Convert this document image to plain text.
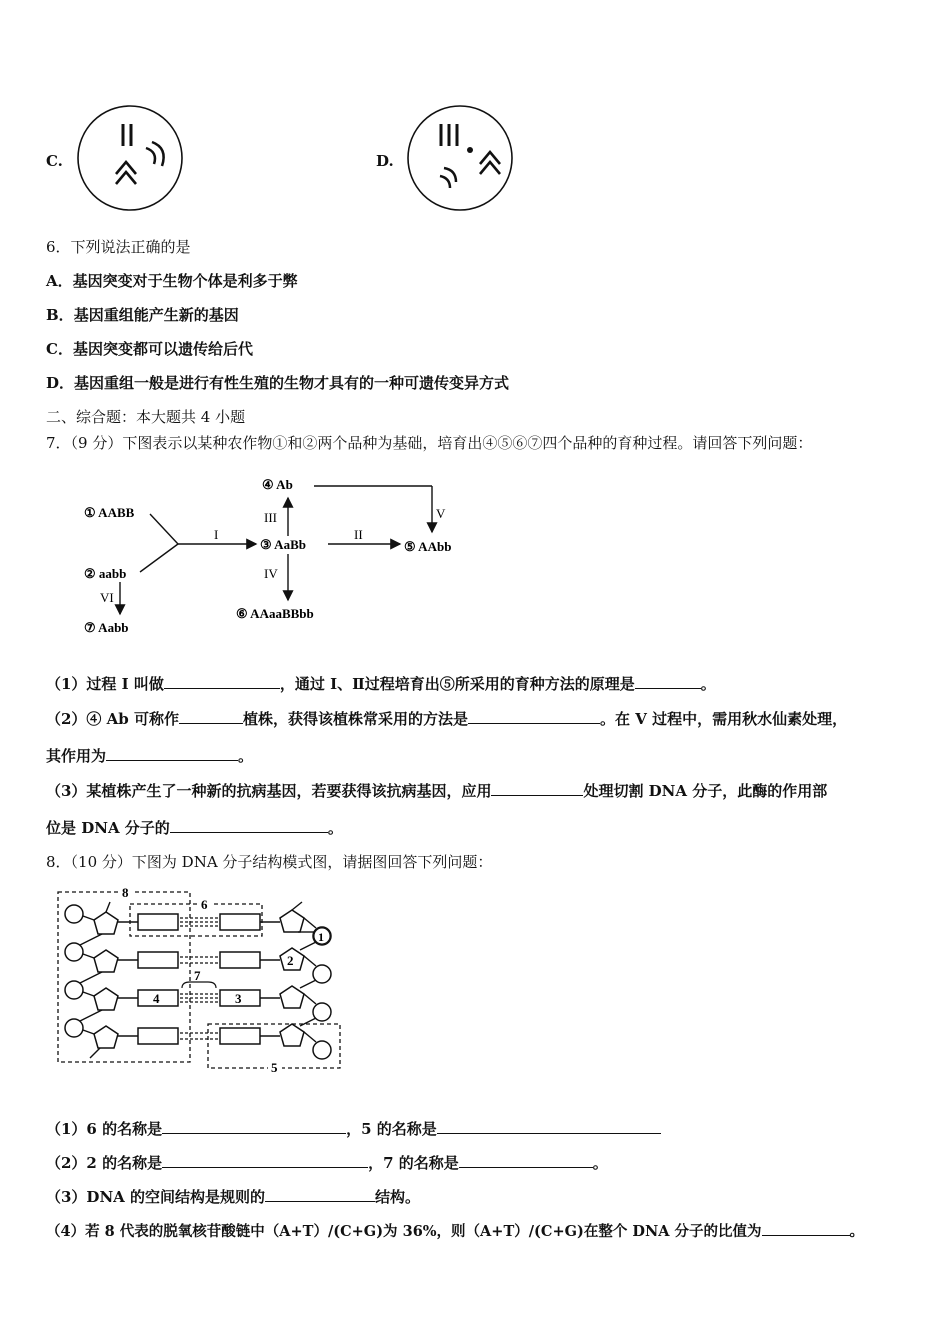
C.	D.
6．下列说法正确的是
A．基因突变对于生物个体是利多于弊
B．基因重组能产生新的基因
C．基因突变都可以遗传给后代
D．基因重组一般是进行有性生殖的生物才具有的一种可遗传变异方式
二、综合题：本大题共 4 小题
7．（9 分）下图表示以某种农作物①和②两个品种为基础，培育出④⑤⑥⑦四个品种的育种过程。请回答下列问题：
① AABB
② aabb
③ AaBb
④ Ab
⑤ AAbb
⑥ AAaaBBbb
⑦ Aabb
I	II
III
IV
V
VI
（1）过程 I 叫做	，通过 I、Ⅱ过程培育出⑤所采用的育种方法的原理是	。
（2）④ Ab 可称作	植株，获得该植株常采用的方法是	。在 V 过程中，需用秋水仙素处理，
其作用为	。
（3）某植株产生了一种新的抗病基因，若要获得该抗病基因，应用	处理切割 DNA 分子，此酶的作用部
位是 DNA 分子的	。
8．（10 分）下图为 DNA 分子结构模式图，请据图回答下列问题：
8
6
7
5
1
2
3
4
（1）6 的名称是	，5 的名称是
（2）2 的名称是	，7 的名称是	。
（3）DNA 的空间结构是规则的	结构。
（4）若 8 代表的脱氧核苷酸链中（A+T）/(C+G)为 36%，则（A+T）/(C+G)在整个 DNA 分子的比值为	。
